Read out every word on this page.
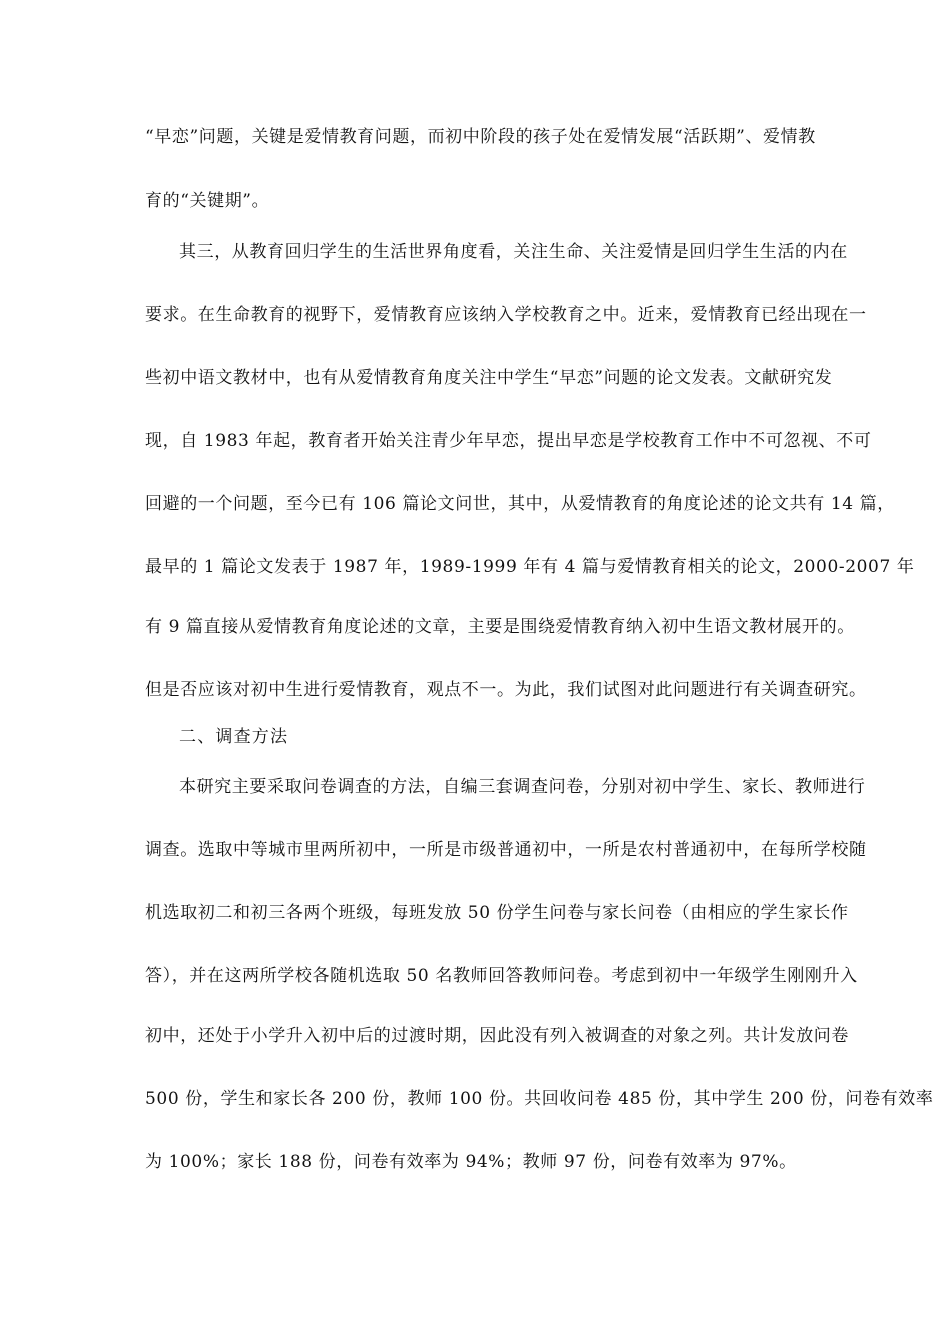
“早恋”问题，关键是爱情教育问题，而初中阶段的孩子处在爱情发展“活跃期”、爱情教
育的“关键期”。
其三，从教育回归学生的生活世界角度看，关注生命、关注爱情是回归学生生活的内在
要求。在生命教育的视野下，爱情教育应该纳入学校教育之中。近来，爱情教育已经出现在一
些初中语文教材中，也有从爱情教育角度关注中学生“早恋”问题的论文发表。文献研究发
现，自 1983 年起，教育者开始关注青少年早恋，提出早恋是学校教育工作中不可忽视、不可
回避的一个问题，至今已有 106 篇论文问世，其中，从爱情教育的角度论述的论文共有 14 篇，
最早的 1 篇论文发表于 1987 年，1989-1999 年有 4 篇与爱情教育相关的论文，2000-2007 年
有 9 篇直接从爱情教育角度论述的文章，主要是围绕爱情教育纳入初中生语文教材展开的。
但是否应该对初中生进行爱情教育，观点不一。为此，我们试图对此问题进行有关调查研究。
二、调查方法
本研究主要采取问卷调查的方法，自编三套调查问卷，分别对初中学生、家长、教师进行
调查。选取中等城市里两所初中，一所是市级普通初中，一所是农村普通初中，在每所学校随
机选取初二和初三各两个班级，每班发放 50 份学生问卷与家长问卷（由相应的学生家长作
答），并在这两所学校各随机选取 50 名教师回答教师问卷。考虑到初中一年级学生刚刚升入
初中，还处于小学升入初中后的过渡时期，因此没有列入被调查的对象之列。共计发放问卷
500 份，学生和家长各 200 份，教师 100 份。共回收问卷 485 份，其中学生 200 份，问卷有效率
为 100%；家长 188 份，问卷有效率为 94%；教师 97 份，问卷有效率为 97%。
